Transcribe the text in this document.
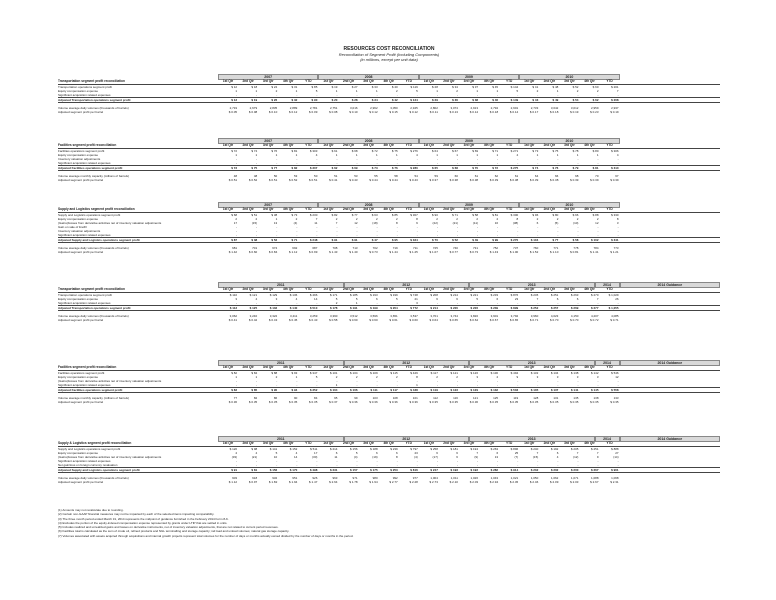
RESOURCES COST RECONCILIATION
Reconciliation of Segment Profit (Including Components)
(in millions, except per unit data)
2007	2008	2009	2010
Transportation segment profit reconciliation	1st Qtr	2nd Qtr	3rd Qtr	4th Qtr	YTD	1st Qtr	2nd Qtr	3rd Qtr	4th Qtr	YTD	1st Qtr	2nd Qtr	3rd Qtr	4th Qtr	YTD	1st Qtr	2nd Qtr	3rd Qtr	4th Qtr	YTD
Transportation operations segment profit	$ 12	$ 18	$ 24	$ 31	$ 85	$ 19	$ 27	$ 33	$ 40	$ 119	$ 28	$ 34	$ 37	$ 45	$ 144	$ 41	$ 48	$ 52	$ 60	$ 201
Equity compensation expense	1	1	2	1	5	1	1	1	2	5	1	2	1	1	5	2	1	2	2	7
Significant acquisition related expenses	-	-	-	-	-	-	-	-	-	-	-	-	-	-	-	-	-	-	-	-
Adjusted Transportation operations segment profit	$ 13	$ 19	$ 26	$ 32	$ 90	$ 20	$ 28	$ 34	$ 42	$ 124	$ 29	$ 36	$ 38	$ 46	$ 149	$ 43	$ 49	$ 54	$ 62	$ 208
Volume average daily volumes (thousands of barrels)	2,719	2,679	2,835	2,889	2,781	2,751	3,016	2,962	3,050	2,945	2,802	3,074	2,913	2,794	2,901	2,733	3,042	3,012	2,959	2,937
Adjusted segment profit per barrel	$ 0.05	$ 0.08	$ 0.10	$ 0.12	$ 0.09	$ 0.08	$ 0.10	$ 0.12	$ 0.15	$ 0.12	$ 0.11	$ 0.13	$ 0.14	$ 0.18	$ 0.14	$ 0.17	$ 0.18	$ 0.19	$ 0.23	$ 0.19
2007	2008	2009	2010
Facilities segment profit reconciliation	1st Qtr	2nd Qtr	3rd Qtr	4th Qtr	YTD	1st Qtr	2nd Qtr	3rd Qtr	4th Qtr	YTD	1st Qtr	2nd Qtr	3rd Qtr	4th Qtr	YTD	1st Qtr	2nd Qtr	3rd Qtr	4th Qtr	YTD
Facilities operations segment profit	$ 72	$ 74	$ 76	$ 81	$ 303	$ 61	$ 68	$ 72	$ 75	$ 276	$ 64	$ 67	$ 69	$ 71	$ 271	$ 73	$ 75	$ 78	$ 80	$ 306
Equity compensation expense	1	1	1	1	4	1	1	1	1	4	1	1	1	1	4	1	1	1	1	4
Inventory valuation adjustments	-	-	-	-	-	-	-	-	-	-	-	-	-	-	-	-	-	-	-	-
Significant acquisition related expenses	-	-	-	-	-	-	-	-	-	-	-	-	-	-	-	-	-	-	-	-
Adjusted Facilities operations segment profit	$ 73	$ 75	$ 77	$ 82	$ 307	$ 62	$ 69	$ 73	$ 76	$ 280	$ 65	$ 68	$ 70	$ 72	$ 275	$ 74	$ 76	$ 79	$ 81	$ 310
Volume average monthly capacity (millions of barrels)	48	48	50	53	50	51	53	55	58	54	59	60	61	62	61	64	66	68	70	67
Adjusted segment profit per barrel	$ 0.51	$ 0.52	$ 0.51	$ 0.52	$ 0.51	$ 0.41	$ 0.43	$ 0.44	$ 0.44	$ 0.43	$ 0.37	$ 0.38	$ 0.38	$ 0.39	$ 0.38	$ 0.39	$ 0.38	$ 0.39	$ 0.39	$ 0.39
2007	2008	2009	2010
Supply and Logistics segment profit reconciliation	1st Qtr	2nd Qtr	3rd Qtr	4th Qtr	YTD	1st Qtr	2nd Qtr	3rd Qtr	4th Qtr	YTD	1st Qtr	2nd Qtr	3rd Qtr	4th Qtr	YTD	1st Qtr	2nd Qtr	3rd Qtr	4th Qtr	YTD
Supply and Logistics operations segment profit	$ 68	$ 51	$ 38	$ 73	$ 230	$ 82	$ 77	$ 63	$ 85	$ 307	$ 90	$ 71	$ 58	$ 81	$ 300	$ 96	$ 80	$ 66	$ 88	$ 330
Equity compensation expense	2	2	1	2	7	2	2	2	2	8	2	2	2	2	8	2	2	2	2	8
(Gains)/losses from derivative activities net of inventory valuation adjustments	17	(15)	13	(4)	11	7	12	(18)	8	9	(22)	(21)	(11)	16	(38)	6	(5)	(10)	12	3
Gain on sale of linefill	-	-	-	-	-	-	-	-	-	-	-	-	-	-	-	-	-	-	-	-
Inventory valuation adjustments	-	-	-	-	-	-	-	-	-	-	-	-	-	-	-	-	-	-	-	-
Significant acquisition related expenses	-	-	-	-	-	-	-	-	-	-	-	-	-	-	-	-	-	-	-	-
Adjusted Supply and Logistics operations segment profit	$ 87	$ 38	$ 52	$ 71	$ 248	$ 91	$ 91	$ 47	$ 95	$ 324	$ 70	$ 52	$ 49	$ 99	$ 270	$ 104	$ 77	$ 58	$ 102	$ 341
Volume average daily volumes (thousands of barrels)	681	701	674	692	687	708	713	702	719	711	725	740	731	752	737	760	771	778	784	773
Adjusted segment profit per barrel	$ 1.42	$ 0.60	$ 0.84	$ 1.12	$ 0.99	$ 1.43	$ 1.40	$ 0.73	$ 1.44	$ 1.25	$ 1.07	$ 0.77	$ 0.73	$ 1.43	$ 1.00	$ 1.52	$ 1.10	$ 0.81	$ 1.41	$ 1.21
2011	2012	2013	2014	2014 Guidance
Transportation segment profit reconciliation	1st Qtr	2nd Qtr	3rd Qtr	4th Qtr	YTD	1st Qtr	2nd Qtr	3rd Qtr	4th Qtr	YTD	1st Qtr	2nd Qtr	3rd Qtr	4th Qtr	YTD	1st Qtr	2nd Qtr	3rd Qtr	4th Qtr	YTD
Transportation operations segment profit	$ 110	$ 121	$ 129	$ 136	$ 496	$ 171	$ 185	$ 193	$ 199	$ 748	$ 208	$ 214	$ 221	$ 233	$ 876	$ 245	$ 251	$ 263	$ 270	$ 1,029
Equity compensation expense	3	4	3	4	14	5	5	6	5	21	6	6	5	6	23	7	6	6	7	26
Significant acquisition related expenses	-	-	-	-	-	2	1	-	-	3	-	-	-	-	-	-	-	-	-	-
Adjusted Transportation operations segment profit	$ 113	$ 125	$ 132	$ 140	$ 510	$ 178	$ 191	$ 199	$ 204	$ 772	$ 214	$ 220	$ 226	$ 239	$ 899	$ 252	$ 257	$ 269	$ 277	$ 1,055
Volume average daily volumes (thousands of barrels)	3,062	3,240	3,322	3,411	3,259	3,390	3,512	3,596	3,651	3,537	3,701	3,744	3,820	3,901	3,792	3,960	4,023	4,150	4,207	4,085
Adjusted segment profit per barrel	$ 0.41	$ 0.42	$ 0.43	$ 0.45	$ 0.43	$ 0.58	$ 0.60	$ 0.60	$ 0.61	$ 0.60	$ 0.64	$ 0.65	$ 0.64	$ 0.67	$ 0.65	$ 0.71	$ 0.70	$ 0.70	$ 0.72	$ 0.71
2011	2012	2013	2014	2014 Guidance
Facilities segment profit reconciliation	1st Qtr	2nd Qtr	3rd Qtr	4th Qtr	YTD	1st Qtr	2nd Qtr	3rd Qtr	4th Qtr	YTD	1st Qtr	2nd Qtr	3rd Qtr	4th Qtr	YTD	1st Qtr	2nd Qtr	3rd Qtr	4th Qtr	YTD
Facilities operations segment profit	$ 82	$ 84	$ 88	$ 93	$ 347	$ 101	$ 104	$ 109	$ 115	$ 429	$ 117	$ 121	$ 126	$ 130	$ 494	$ 132	$ 134	$ 138	$ 142	$ 546
Equity compensation expense	1	1	2	1	5	2	2	2	2	8	2	2	3	2	9	3	3	3	3	12
(Gains)/losses from derivative activities net of inventory valuation adjustments	-	-	-	-	-	-	-	-	-	-	-	-	-	-	-	-	-	-	-	-
Significant acquisition related expenses	-	-	-	-	-	1	-	-	-	1	-	-	-	-	-	-	-	-	-	-
Adjusted Facilities operations segment profit	$ 83	$ 85	$ 90	$ 94	$ 352	$ 104	$ 106	$ 111	$ 117	$ 438	$ 119	$ 123	$ 129	$ 132	$ 503	$ 135	$ 137	$ 141	$ 145	$ 558
Volume average monthly capacity (millions of barrels)	77	82	86	90	84	95	99	103	108	101	112	116	121	125	119	128	131	135	138	133
Adjusted segment profit per barrel	$ 0.36	$ 0.35	$ 0.35	$ 0.35	$ 0.35	$ 0.37	$ 0.36	$ 0.36	$ 0.36	$ 0.36	$ 0.35	$ 0.35	$ 0.36	$ 0.35	$ 0.35	$ 0.35	$ 0.35	$ 0.35	$ 0.35	$ 0.35
2011	2012	2013	2014	2014 Guidance
Supply & Logistics segment profit reconciliation	1st Qtr	2nd Qtr	3rd Qtr	4th Qtr	YTD	1st Qtr	2nd Qtr	3rd Qtr	4th Qtr	YTD	1st Qtr	2nd Qtr	3rd Qtr	4th Qtr	YTD	1st Qtr	2nd Qtr	3rd Qtr	4th Qtr	YTD
Supply and Logistics operations segment profit	$ 120	$ 98	$ 141	$ 152	$ 511	$ 214	$ 156	$ 188	$ 239	$ 797	$ 258	$ 181	$ 194	$ 263	$ 896	$ 240	$ 192	$ 205	$ 251	$ 888
Equity compensation expense	4	4	5	4	17	6	5	6	6	23	6	6	7	6	25	7	6	7	7	27
(Gains)/losses from derivative activities net of inventory valuation adjustments	(33)	(21)	10	14	(30)	11	(4)	(19)	8	(4)	(17)	6	(9)	13	(7)	(15)	4	(12)	9	(14)
Significant acquisition related expenses	-	-	-	-	-	-	-	-	-	-	-	-	-	-	-	-	-	-	-	-
Net gain/loss on foreign currency revaluation	-	-	-	-	-	-	-	-	-	-	-	-	-	-	-	-	-	-	-	-
Adjusted Supply and Logistics operations segment profit	$ 91	$ 81	$ 156	$ 170	$ 498	$ 231	$ 157	$ 175	$ 253	$ 816	$ 247	$ 193	$ 192	$ 282	$ 914	$ 232	$ 202	$ 200	$ 267	$ 901
Volume average daily volumes (thousands of barrels)	903	918	932	951	926	963	971	980	992	977	1,004	1,011	1,026	1,043	1,021	1,050	1,062	1,071	1,088	1,068
Adjusted segment profit per barrel	$ 1.12	$ 0.97	$ 1.82	$ 1.94	$ 1.47	$ 2.64	$ 1.78	$ 1.94	$ 2.77	$ 2.28	$ 2.73	$ 2.10	$ 2.03	$ 2.94	$ 2.45	$ 2.46	$ 2.09	$ 2.03	$ 2.67	$ 2.31
(1) Amounts may not recalculate due to rounding.
(2) Certain non-GAAP financial measures may not be impacted by each of the selected items impacting comparability.
(3) The three month period ended March 31, 2014 represents the midpoint of guidance furnished in the February 2014 Form 8-K.
(4) Excludes the portion of the equity-indexed compensation expense represented by grants under LTIP that are settled in units.
(5) Includes realized and unrealized gains and losses on derivative instruments, net of inventory valuation adjustments, that are not related to current period revenues.
(6) Facilities total is calculated as the sum of crude oil, refined products and NGL terminalling and storage capacity; rail load and unload volumes; natural gas storage capacity.
(7) Volumes associated with assets acquired through acquisitions and internal growth projects represent total volumes for the number of days or months actually owned divided by the number of days or months in the period.
